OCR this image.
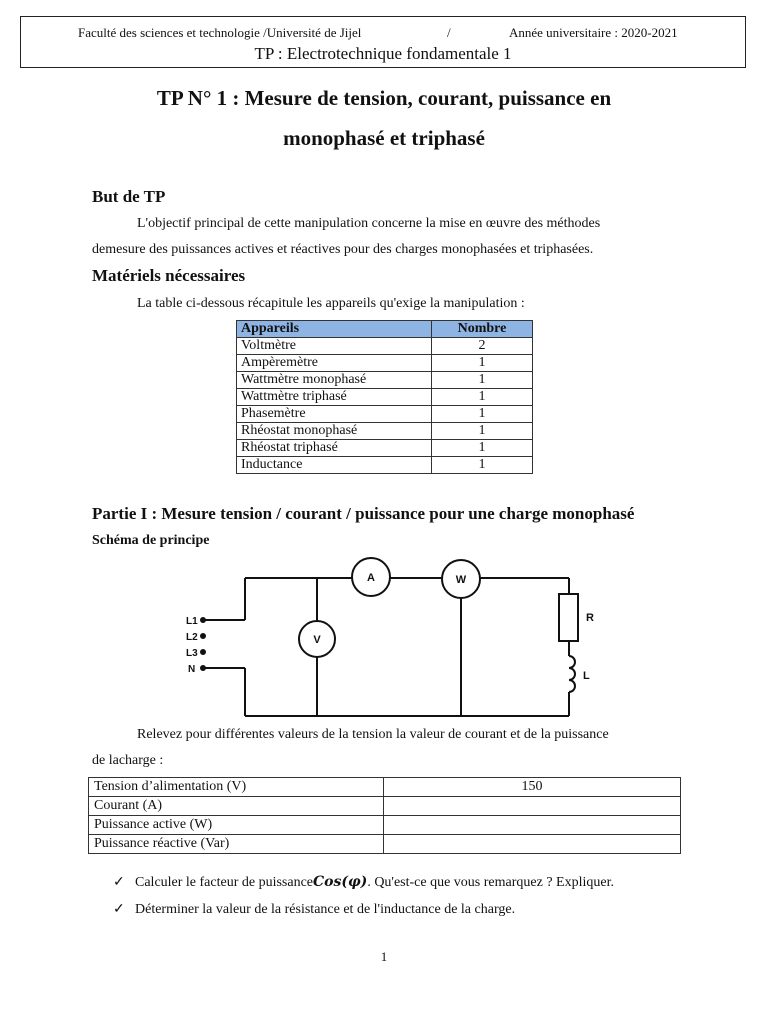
Faculté des sciences et technologie /Université de Jijel	/	Année universitaire : 2020-2021
TP : Electrotechnique fondamentale 1
TP N° 1 : Mesure de tension, courant, puissance en
monophasé et triphasé
But de TP
L'objectif principal de cette manipulation concerne la mise en œuvre des méthodes
demesure des puissances actives et réactives pour des charges monophasées et triphasées.
Matériels nécessaires
La table ci-dessous récapitule les appareils qu'exige la manipulation :
Appareils	Nombre
Voltmètre	2
Ampèremètre	1
Wattmètre monophasé	1
Wattmètre triphasé	1
Phasemètre	1
Rhéostat monophasé	1
Rhéostat triphasé	1
Inductance	1
Partie I : Mesure tension / courant / puissance pour une charge monophasé
Schéma de principe
A	W
V
R
L
L1
L2
L3
N
Relevez pour différentes valeurs de la tension la valeur de courant et de la puissance
de lacharge :
Tension d’alimentation (V)	150
Courant (A)	
Puissance active (W)	
Puissance réactive (Var)	
✓ Calculer le facteur de puissance𝑪𝒐𝒔(𝝋). Qu'est-ce que vous remarquez ? Expliquer.
✓ Déterminer la valeur de la résistance et de l'inductance de la charge.
1
